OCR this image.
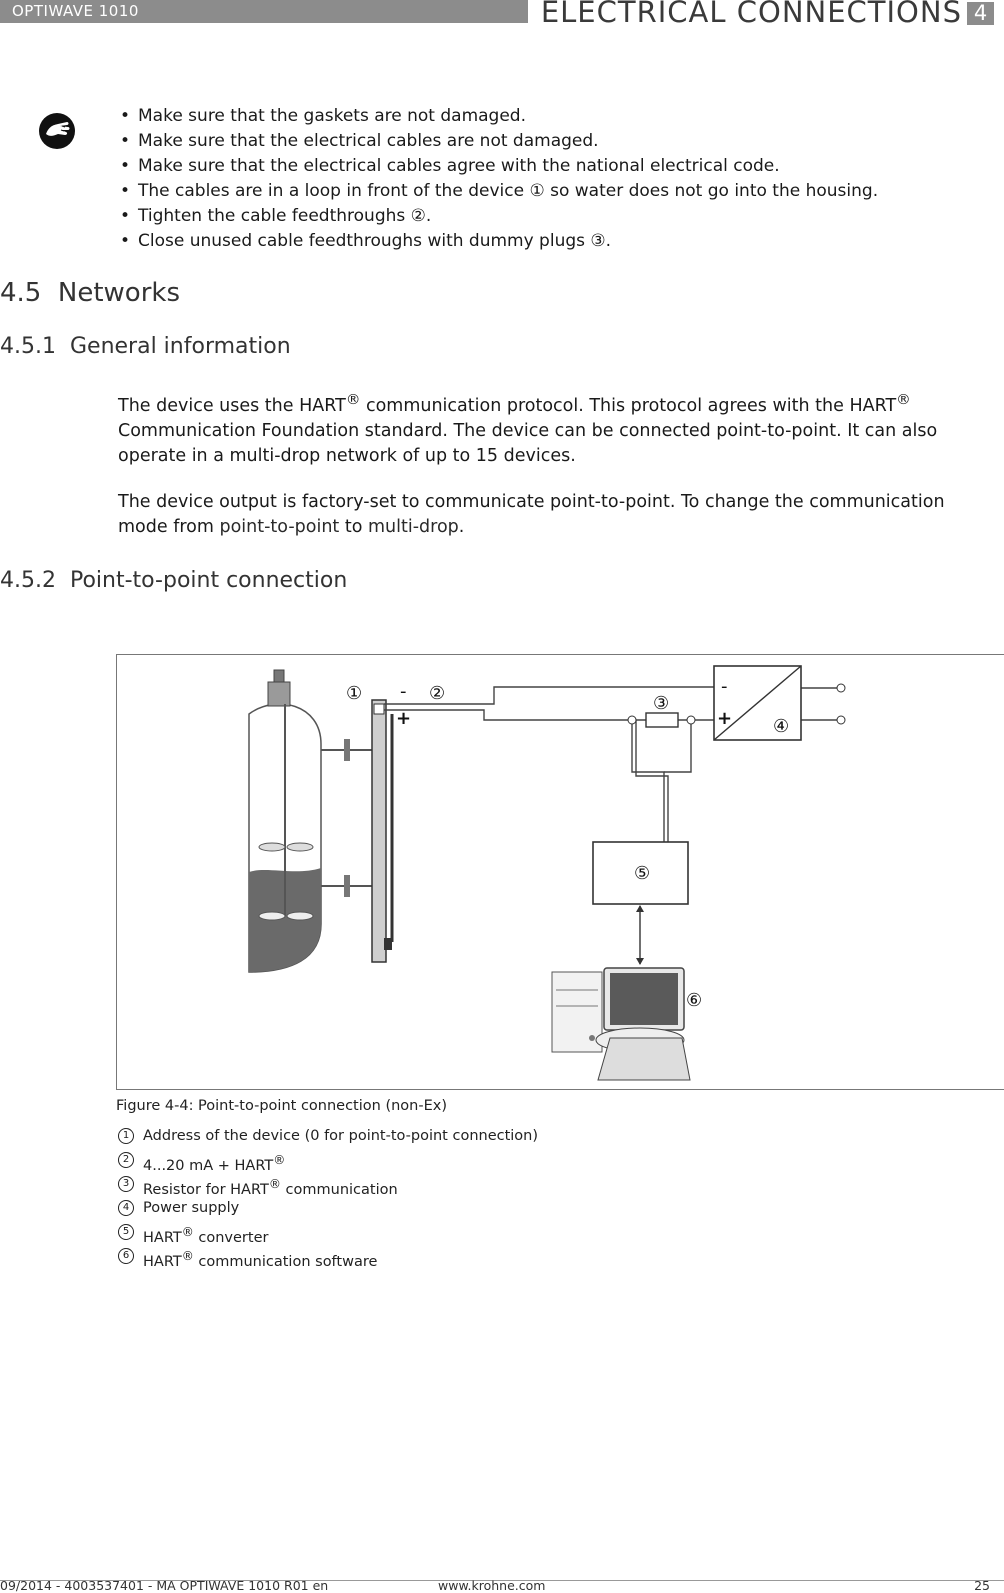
OPTIWAVE 1010	ELECTRICAL CONNECTIONS 4
• Make sure that the gaskets are not damaged.
• Make sure that the electrical cables are not damaged.
• Make sure that the electrical cables agree with the national electrical code.
• The cables are in a loop in front of the device ① so water does not go into the housing.
• Tighten the cable feedthroughs ②.
• Close unused cable feedthroughs with dummy plugs ③.
4.5 Networks
4.5.1 General information

The device uses the HART® communication protocol. This protocol agrees with the HART® Communication Foundation standard. The device can be connected point-to-point. It can also operate in a multi-drop network of up to 15 devices.

The device output is factory-set to communicate point-to-point. To change the communication mode from point-to-point to multi-drop.

4.5.2 Point-to-point connection
① -
+
②	③
-
+ ④
⑤
⑥
Figure 4-4: Point-to-point connection (non-Ex)
1 Address of the device (0 for point-to-point connection)
2 4...20 mA + HART®
3 Resistor for HART® communication
4 Power supply
5 HART® converter
6 HART® communication software
09/2014 - 4003537401 - MA OPTIWAVE 1010 R01 en	www.krohne.com	25
